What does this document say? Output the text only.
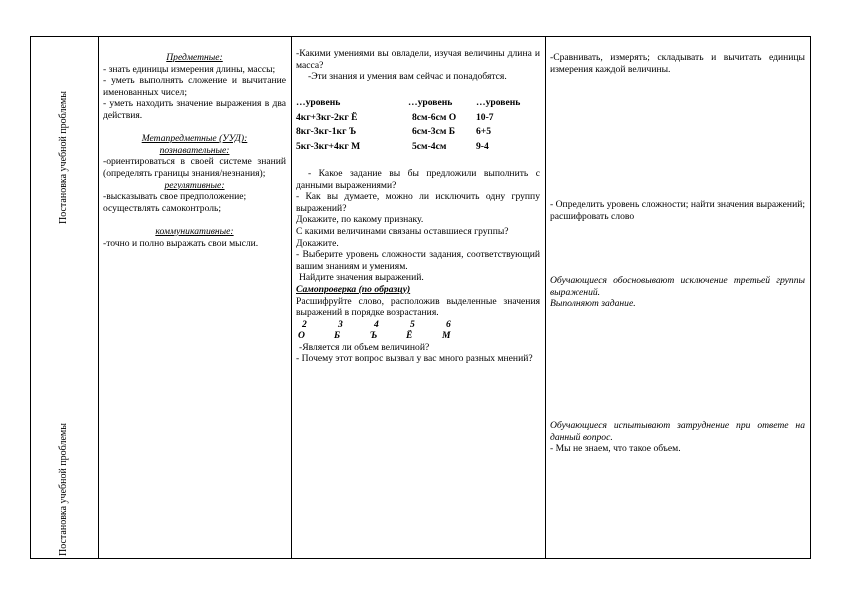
Постановка учебной проблемы
Постановка учебной проблемы

Предметные:

- знать единицы измерения длины, массы;

- уметь выполнять сложение и вычитание именованных чисел;

- уметь находить значение выражения в два действия.

Метапредметные (УУД):

познавательные:

-ориентироваться в своей системе знаний (определять границы знания/незнания);

регулятивные:

-высказывать свое предположение;

осуществлять самоконтроль;

коммуникативные:

-точно и полно выражать свои мысли.

-Какими умениями вы овладели, изучая величины длина и масса?

-Эти знания и умения вам сейчас и понадобятся.

…уровень	…уровень	…уровень
4кг+3кг-2кг Ё	8см-6см О	10-7
8кг-3кг-1кг Ъ	6см-3см Б	6+5
5кг-3кг+4кг М	5см-4см	9-4

- Какое задание вы бы предложили выполнить с данными выражениями?

- Как вы думаете, можно ли исключить одну группу выражений?

Докажите, по какому признаку.

С какими величинами связаны оставшиеся группы?

Докажите.

- Выберите уровень сложности задания, соответствующий вашим знаниям и умениям.

Найдите значения выражений.

Самопроверка (по образцу)

Расшифруйте слово, расположив выделенные значения выражений в порядке возрастания.

2	3	4	5	6
О	Б	Ъ	Ё	М

-Является ли объем величиной?

- Почему этот вопрос вызвал у вас много разных мнений?

-Сравнивать, измерять; складывать и вычитать единицы измерения каждой величины.

- Определить уровень сложности; найти значения выражений; расшифровать слово

Обучающиеся обосновывают исключение третьей группы выражений.

Выполняют задание.

Обучающиеся испытывают затруднение при ответе на данный вопрос.

- Мы не знаем, что такое объем.
